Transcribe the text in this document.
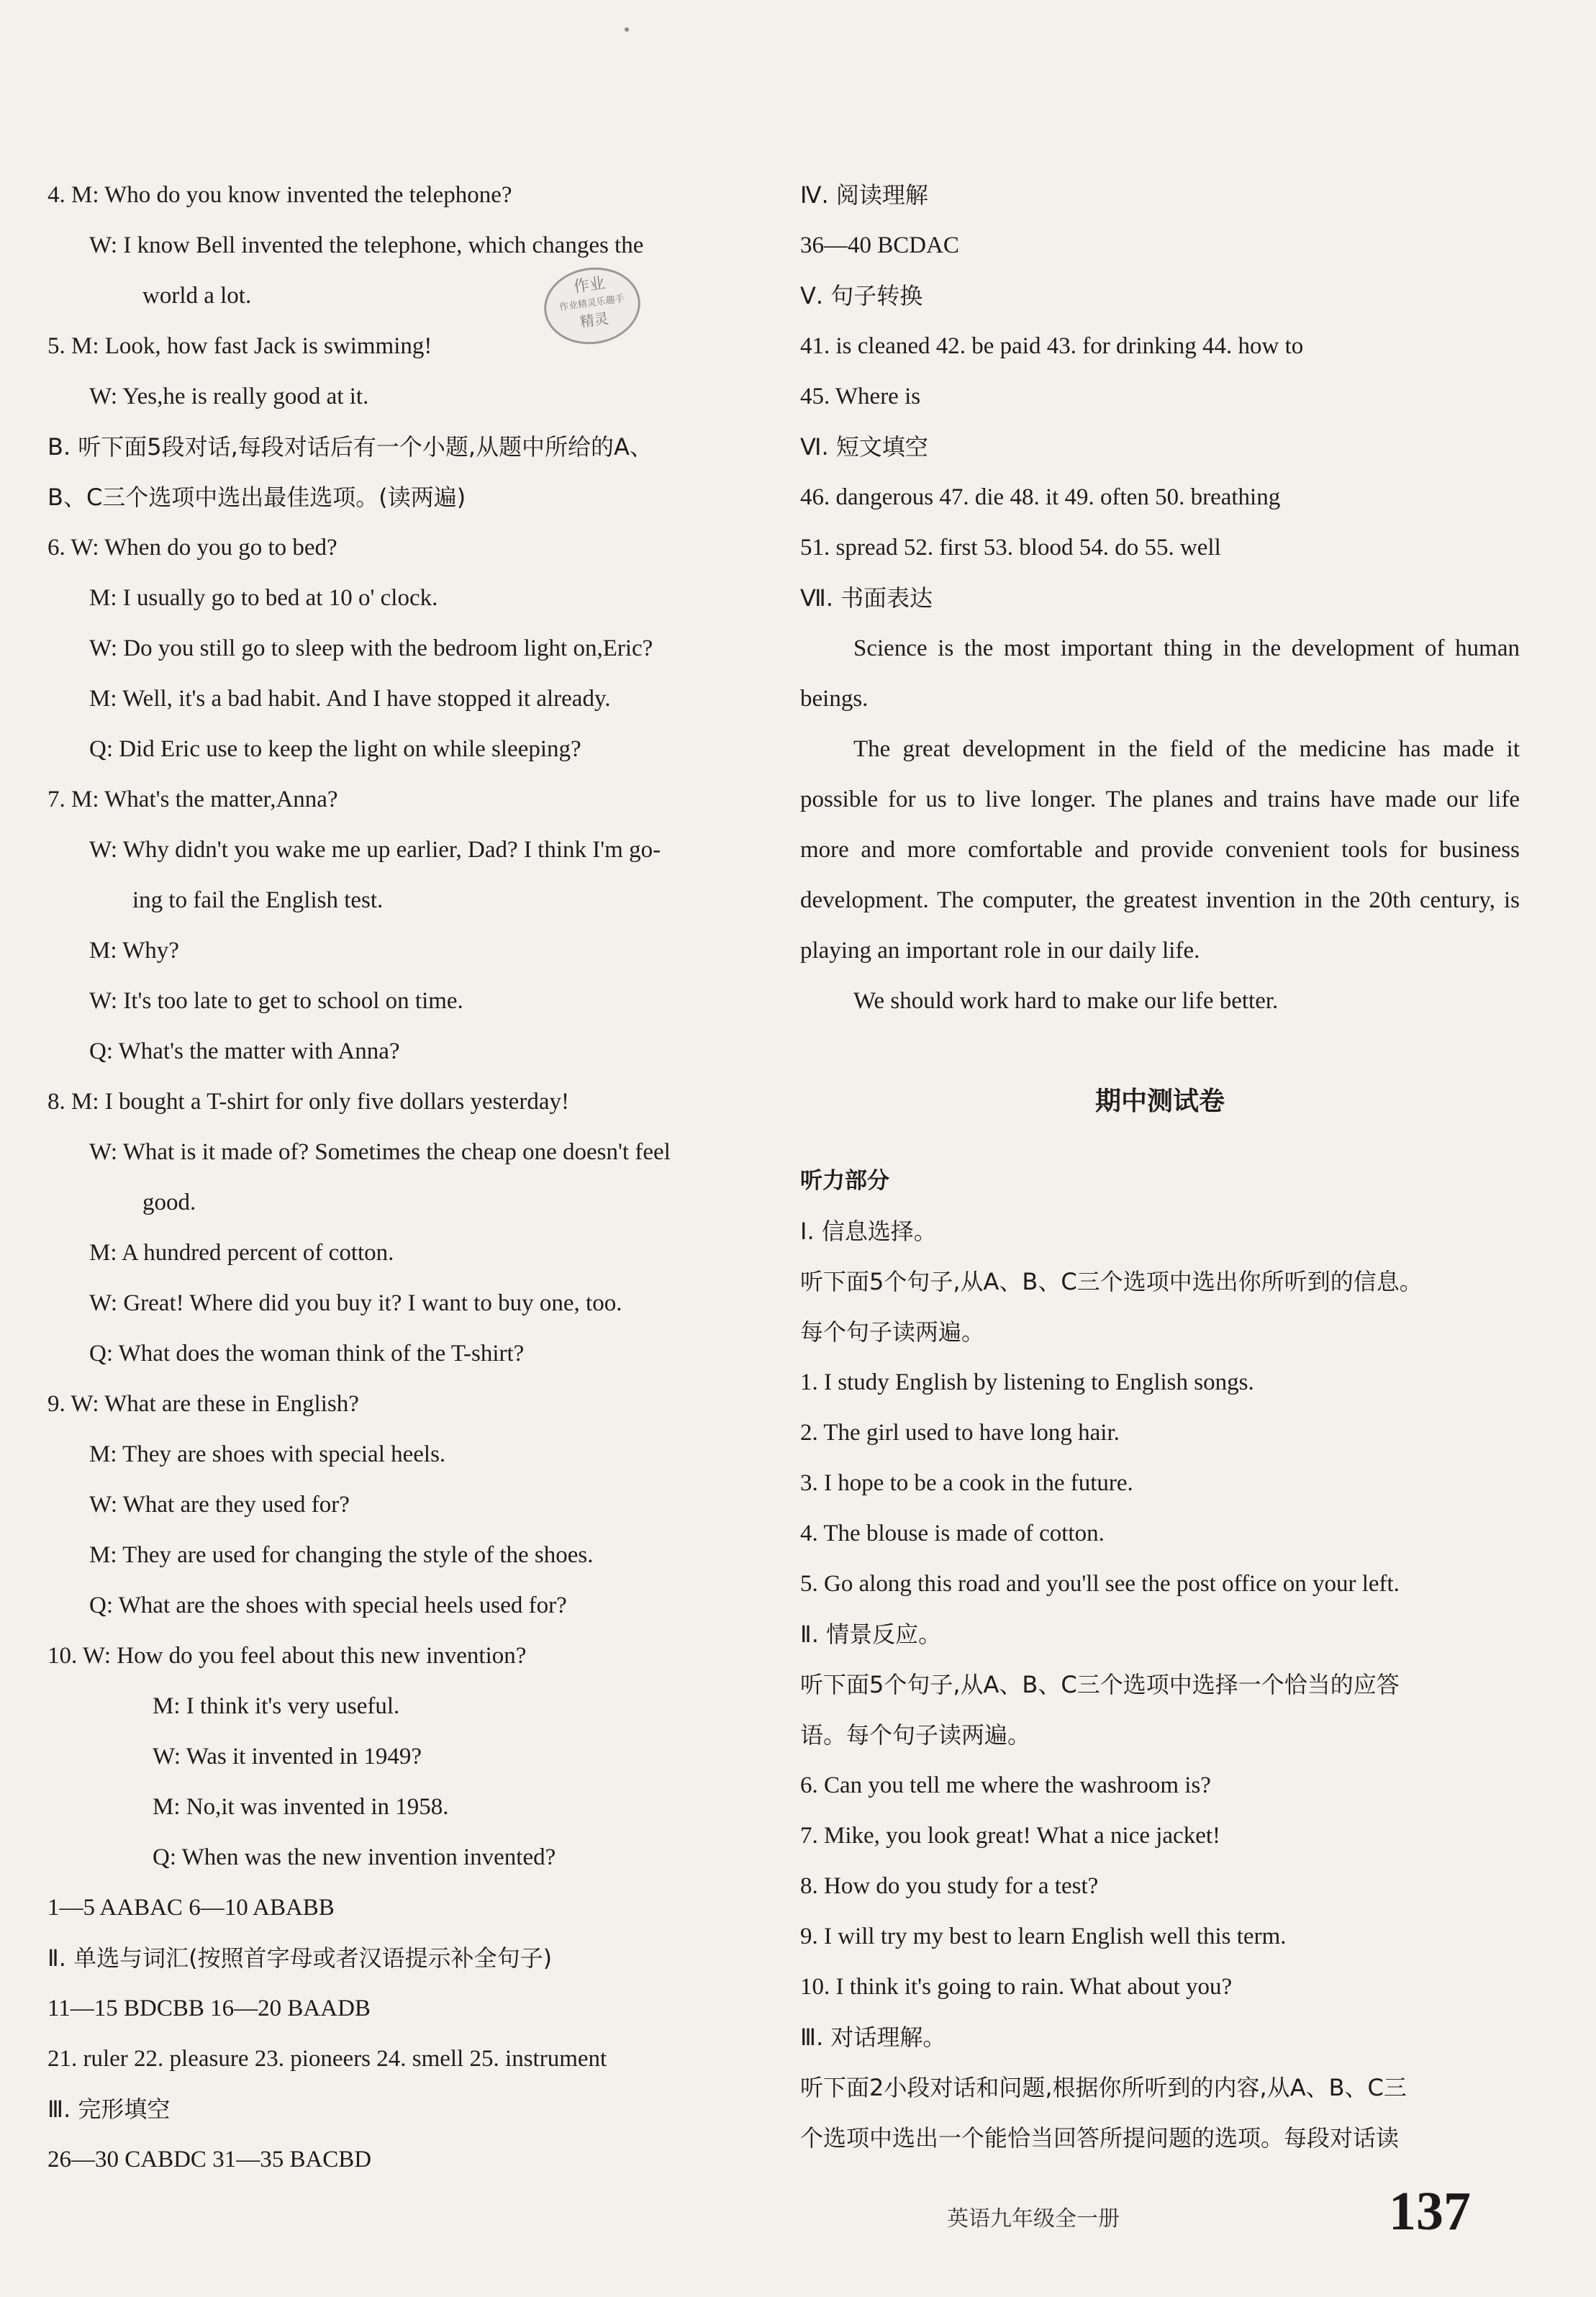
4. M: Who do you know invented the telephone?
W: I know Bell invented the telephone, which changes the
world a lot.
5. M: Look, how fast Jack is swimming!
W: Yes,he is really good at it.
B. 听下面5段对话,每段对话后有一个小题,从题中所给的A、
B、C三个选项中选出最佳选项。(读两遍)
6. W: When do you go to bed?
M: I usually go to bed at 10 o' clock.
W: Do you still go to sleep with the bedroom light on,Eric?
M: Well, it's a bad habit. And I have stopped it already.
Q: Did Eric use to keep the light on while sleeping?
7. M: What's the matter,Anna?
W: Why didn't you wake me up earlier, Dad? I think I'm go-
ing to fail the English test.
M: Why?
W: It's too late to get to school on time.
Q: What's the matter with Anna?
8. M: I bought a T-shirt for only five dollars yesterday!
W: What is it made of? Sometimes the cheap one doesn't feel
good.
M: A hundred percent of cotton.
W: Great! Where did you buy it? I want to buy one, too.
Q: What does the woman think of the T-shirt?
9. W: What are these in English?
M: They are shoes with special heels.
W: What are they used for?
M: They are used for changing the style of the shoes.
Q: What are the shoes with special heels used for?
10. W: How do you feel about this new invention?
M: I think it's very useful.
W: Was it invented in 1949?
M: No,it was invented in 1958.
Q: When was the new invention invented?
1—5 AABAC 6—10 ABABB
Ⅱ. 单选与词汇(按照首字母或者汉语提示补全句子)
11—15 BDCBB 16—20 BAADB
21. ruler 22. pleasure 23. pioneers 24. smell 25. instrument
Ⅲ. 完形填空
26—30 CABDC 31—35 BACBD
作业
作业精灵乐趣手
精灵
Ⅳ. 阅读理解
36—40 BCDAC
Ⅴ. 句子转换
41. is cleaned 42. be paid 43. for drinking 44. how to
45. Where is
Ⅵ. 短文填空
46. dangerous 47. die 48. it 49. often 50. breathing
51. spread 52. first 53. blood 54. do 55. well
Ⅶ. 书面表达

Science is the most important thing in the development of human beings.

The great development in the field of the medicine has made it possible for us to live longer. The planes and trains have made our life more and more comfortable and provide convenient tools for business development. The computer, the greatest invention in the 20th century, is playing an important role in our daily life.

We should work hard to make our life better.

期中测试卷
听力部分
Ⅰ. 信息选择。
听下面5个句子,从A、B、C三个选项中选出你所听到的信息。
每个句子读两遍。
1. I study English by listening to English songs.
2. The girl used to have long hair.
3. I hope to be a cook in the future.
4. The blouse is made of cotton.
5. Go along this road and you'll see the post office on your left.
Ⅱ. 情景反应。
听下面5个句子,从A、B、C三个选项中选择一个恰当的应答
语。每个句子读两遍。
6. Can you tell me where the washroom is?
7. Mike, you look great! What a nice jacket!
8. How do you study for a test?
9. I will try my best to learn English well this term.
10. I think it's going to rain. What about you?
Ⅲ. 对话理解。
听下面2小段对话和问题,根据你所听到的内容,从A、B、C三
个选项中选出一个能恰当回答所提问题的选项。每段对话读
英语九年级全一册	137
